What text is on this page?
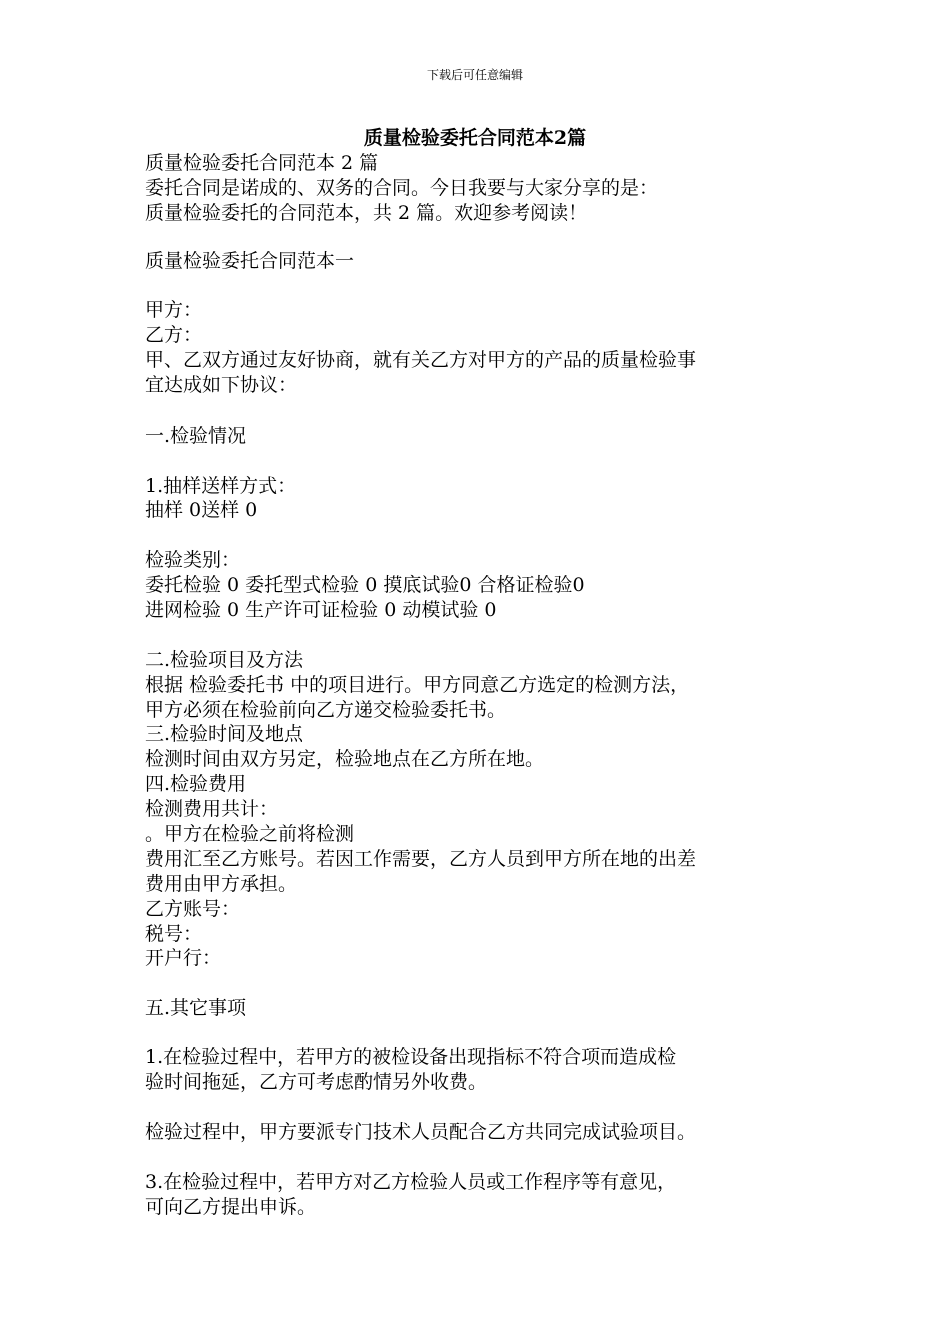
下载后可任意编辑
质量检验委托合同范本2篇
质量检验委托合同范本 2 篇
委托合同是诺成的、双务的合同。今日我要与大家分享的是：
质量检验委托的合同范本，共 2 篇。欢迎参考阅读！
质量检验委托合同范本一
甲方：
乙方：
甲、乙双方通过友好协商，就有关乙方对甲方的产品的质量检验事
宜达成如下协议：
一.检验情况
1.抽样送样方式：
抽样 0送样 0
检验类别：
委托检验 0 委托型式检验 0 摸底试验0 合格证检验0
进网检验 0 生产许可证检验 0 动模试验 0
二.检验项目及方法
根据 检验委托书 中的项目进行。甲方同意乙方选定的检测方法，
甲方必须在检验前向乙方递交检验委托书。
三.检验时间及地点
检测时间由双方另定，检验地点在乙方所在地。
四.检验费用
检测费用共计：
。甲方在检验之前将检测
费用汇至乙方账号。若因工作需要，乙方人员到甲方所在地的出差
费用由甲方承担。
乙方账号：
税号：
开户行：
五.其它事项
1.在检验过程中，若甲方的被检设备出现指标不符合项而造成检
验时间拖延，乙方可考虑酌情另外收费。
检验过程中，甲方要派专门技术人员配合乙方共同完成试验项目。
3.在检验过程中，若甲方对乙方检验人员或工作程序等有意见，
可向乙方提出申诉。
